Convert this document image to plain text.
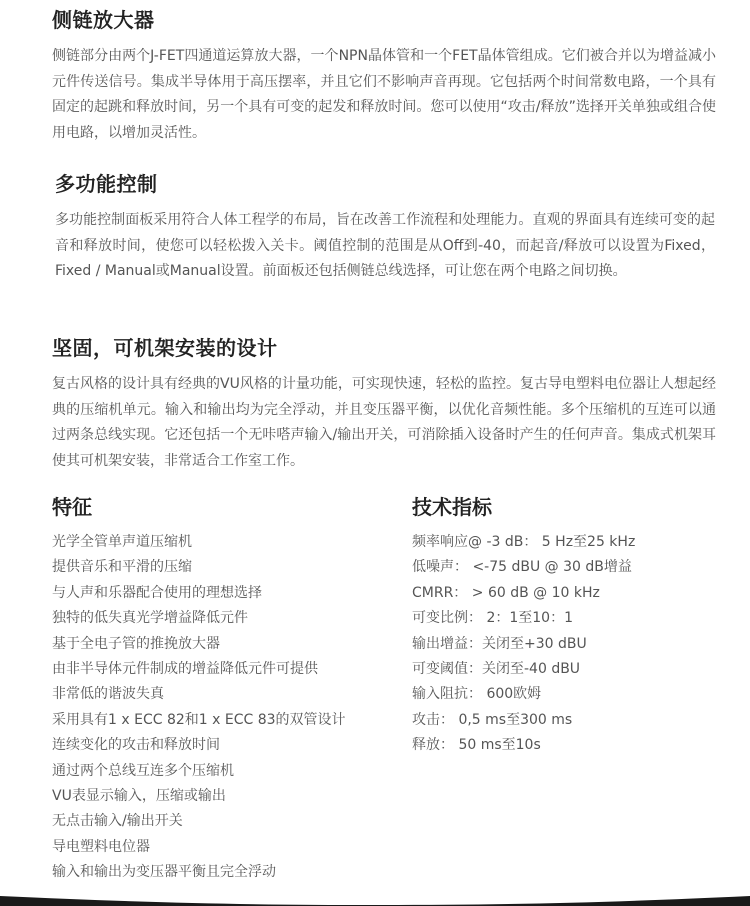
侧链放大器

侧链部分由两个J-FET四通道运算放大器，一个NPN晶体管和一个FET晶体管组成。它们被合并以为增益减小元件传送信号。集成半导体用于高压摆率，并且它们不影响声音再现。它包括两个时间常数电路，一个具有固定的起跳和释放时间，另一个具有可变的起发和释放时间。您可以使用“攻击/释放”选择开关单独或组合使用电路，以增加灵活性。

多功能控制

多功能控制面板采用符合人体工程学的布局，旨在改善工作流程和处理能力。直观的界面具有连续可变的起音和释放时间，使您可以轻松拨入关卡。阈值控制的范围是从Off到-40，而起音/释放可以设置为Fixed，Fixed / Manual或Manual设置。前面板还包括侧链总线选择，可让您在两个电路之间切换。

坚固，可机架安装的设计

复古风格的设计具有经典的VU风格的计量功能，可实现快速，轻松的监控。复古导电塑料电位器让人想起经典的压缩机单元。输入和输出均为完全浮动，并且变压器平衡，以优化音频性能。多个压缩机的互连可以通过两条总线实现。它还包括一个无咔嗒声输入/输出开关，可消除插入设备时产生的任何声音。集成式机架耳使其可机架安装，非常适合工作室工作。

特征
光学全管单声道压缩机
提供音乐和平滑的压缩
与人声和乐器配合使用的理想选择
独特的低失真光学增益降低元件
基于全电子管的推挽放大器
由非半导体元件制成的增益降低元件可提供
非常低的谐波失真
采用具有1 x ECC 82和1 x ECC 83的双管设计
连续变化的攻击和释放时间
通过两个总线互连多个压缩机
VU表显示输入，压缩或输出
无点击输入/输出开关
导电塑料电位器
输入和输出为变压器平衡且完全浮动
技术指标
频率响应@ -3 dB： 5 Hz至25 kHz
低噪声： <-75 dBU @ 30 dB增益
CMRR： > 60 dB @ 10 kHz
可变比例： 2：1至10：1
输出增益：关闭至+30 dBU
可变阈值：关闭至-40 dBU
输入阻抗： 600欧姆
攻击： 0,5 ms至300 ms
释放： 50 ms至10s
